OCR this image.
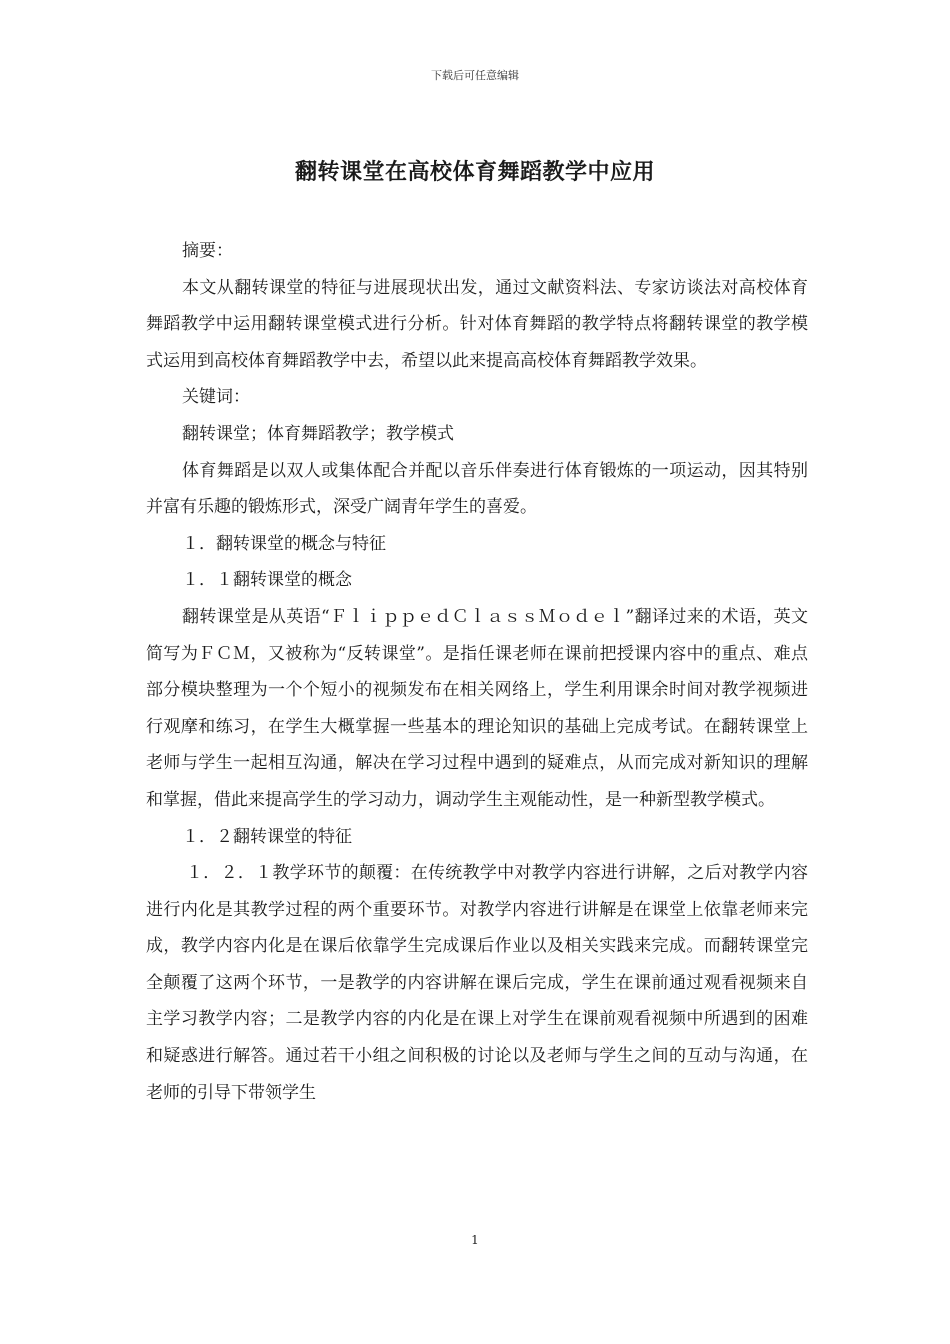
下载后可任意编辑
翻转课堂在高校体育舞蹈教学中应用

摘要：

本文从翻转课堂的特征与进展现状出发，通过文献资料法、专家访谈法对高校体育舞蹈教学中运用翻转课堂模式进行分析。针对体育舞蹈的教学特点将翻转课堂的教学模式运用到高校体育舞蹈教学中去，希望以此来提高高校体育舞蹈教学效果。

关键词：

翻转课堂；体育舞蹈教学；教学模式

体育舞蹈是以双人或集体配合并配以音乐伴奏进行体育锻炼的一项运动，因其特别并富有乐趣的锻炼形式，深受广阔青年学生的喜爱。

１．翻转课堂的概念与特征

１．１翻转课堂的概念

翻转课堂是从英语“ＦｌｉｐｐｅｄＣｌａｓｓＭｏｄｅｌ”翻译过来的术语，英文简写为ＦＣＭ，又被称为“反转课堂”。是指任课老师在课前把授课内容中的重点、难点部分模块整理为一个个短小的视频发布在相关网络上，学生利用课余时间对教学视频进行观摩和练习，在学生大概掌握一些基本的理论知识的基础上完成考试。在翻转课堂上老师与学生一起相互沟通，解决在学习过程中遇到的疑难点，从而完成对新知识的理解和掌握，借此来提高学生的学习动力，调动学生主观能动性，是一种新型教学模式。

１．２翻转课堂的特征

１．２．１教学环节的颠覆：在传统教学中对教学内容进行讲解，之后对教学内容进行内化是其教学过程的两个重要环节。对教学内容进行讲解是在课堂上依靠老师来完成，教学内容内化是在课后依靠学生完成课后作业以及相关实践来完成。而翻转课堂完全颠覆了这两个环节，一是教学的内容讲解在课后完成，学生在课前通过观看视频来自主学习教学内容；二是教学内容的内化是在课上对学生在课前观看视频中所遇到的困难和疑惑进行解答。通过若干小组之间积极的讨论以及老师与学生之间的互动与沟通，在老师的引导下带领学生

1
